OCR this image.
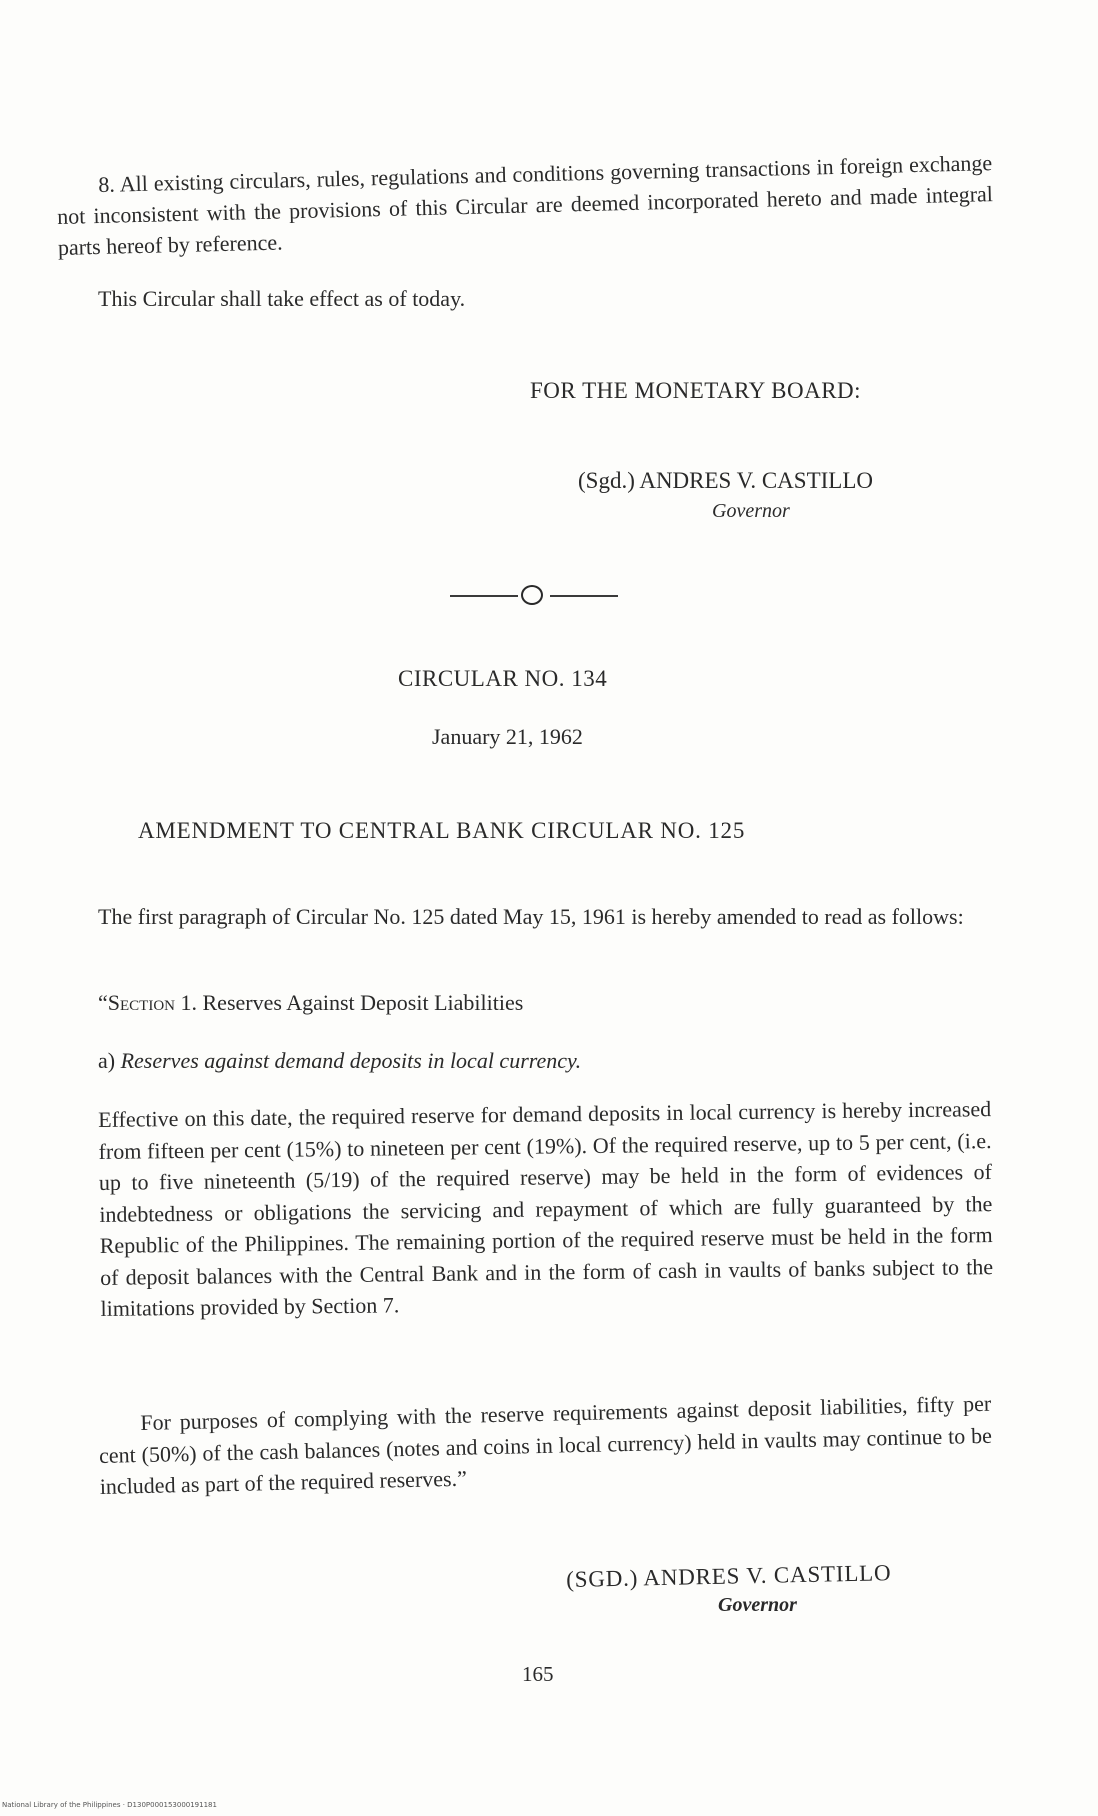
8. All existing circulars, rules, regulations and conditions governing transactions in foreign exchange not inconsistent with the provisions of this Circular are deemed incorporated hereto and made integral parts hereof by reference.

This Circular shall take effect as of today.

FOR THE MONETARY BOARD:

(Sgd.) ANDRES V. CASTILLO

Governor

CIRCULAR NO. 134

January 21, 1962

AMENDMENT TO CENTRAL BANK CIRCULAR NO. 125

The first paragraph of Circular No. 125 dated May 15, 1961 is hereby amended to read as follows:

“Section 1. Reserves Against Deposit Liabilities

a) Reserves against demand deposits in local currency.

Effective on this date, the required reserve for demand deposits in local currency is hereby increased from fifteen per cent (15%) to nineteen per cent (19%). Of the required reserve, up to 5 per cent, (i.e. up to five nineteenth (5/19) of the required reserve) may be held in the form of evidences of indebtedness or obligations the servicing and repayment of which are fully guaranteed by the Republic of the Philippines. The remaining portion of the required reserve must be held in the form of deposit balances with the Central Bank and in the form of cash in vaults of banks subject to the limitations provided by Section 7.

For purposes of complying with the reserve requirements against deposit liabilities, fifty per cent (50%) of the cash balances (notes and coins in local currency) held in vaults may continue to be included as part of the required reserves.”

(SGD.) ANDRES V. CASTILLO

Governor

165

National Library of the Philippines · D130P000153000191181
